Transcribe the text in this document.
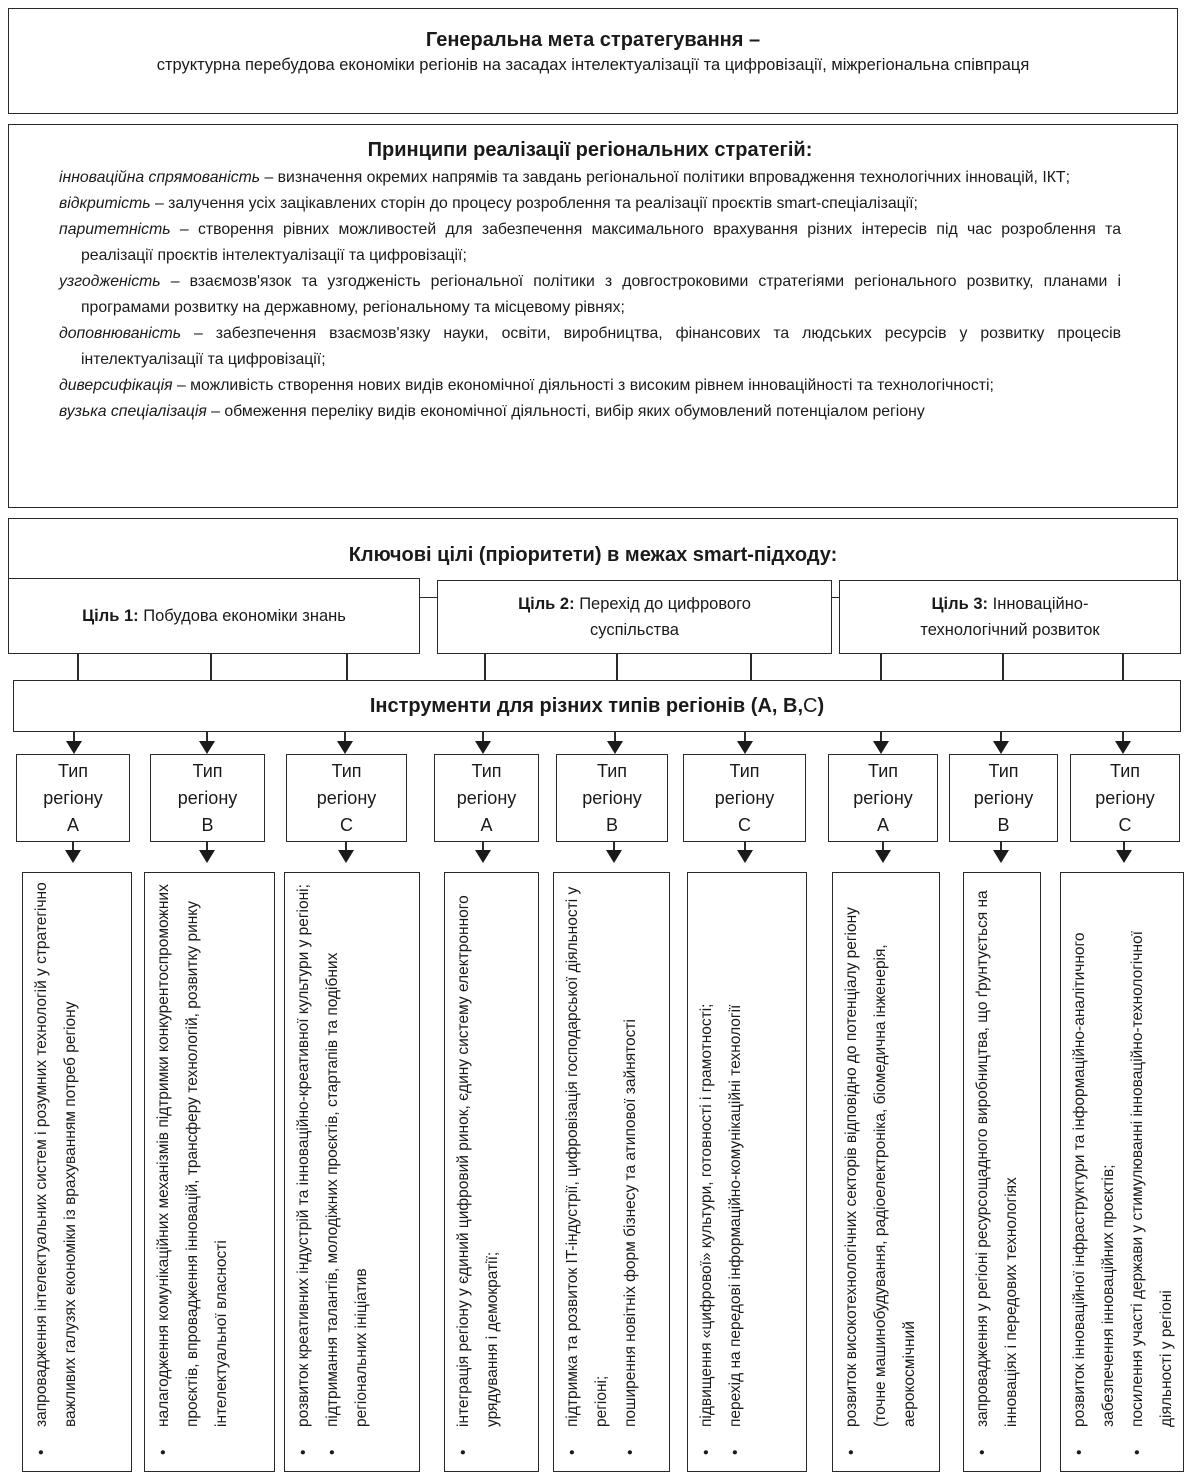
Генеральна мета стратегування –
структурна перебудова економіки регіонів на засадах інтелектуалізації та цифровізації, міжрегіональна співпраця
Принципи реалізації регіональних стратегій:
інноваційна спрямованість – визначення окремих напрямів та завдань регіональної політики впровадження технологічних інновацій, ІКТ;
відкритість – залучення усіх зацікавлених сторін до процесу розроблення та реалізації проєктів smart-спеціалізації;
паритетність – створення рівних можливостей для забезпечення максимального врахування різних інтересів під час розроблення та реалізації проєктів інтелектуалізації та цифровізації;
узгодженість – взаємозв'язок та узгодженість регіональної політики з довгостроковими стратегіями регіонального розвитку, планами і програмами розвитку на державному, регіональному та місцевому рівнях;
доповнюваність – забезпечення взаємозв'язку науки, освіти, виробництва, фінансових та людських ресурсів у розвитку процесів інтелектуалізації та цифровізації;
диверсифікація – можливість створення нових видів економічної діяльності з високим рівнем інноваційності та технологічності;
вузька спеціалізація – обмеження переліку видів економічної діяльності, вибір яких обумовлений потенціалом регіону
Ключові цілі (пріоритети) в межах smart-підходу:
Ціль 1: Побудова економіки знань
Ціль 2: Перехід до цифрового суспільства
Ціль 3: Інноваційно-технологічний розвиток
Інструменти для різних типів регіонів (A, B, C )
Тип
регіону
А
Тип
регіону
В
Тип
регіону
С
Тип
регіону
А
Тип
регіону
В
Тип
регіону
С
Тип
регіону
А
Тип
регіону
В
Тип
регіону
С
• запровадження інтелектуальних систем і розумних технологій у стратегічно важливих галузях економіки із врахуванням потреб регіону	• налагодження комунікаційних механізмів підтримки конкурентоспроможних проєктів, впровадження інновацій, трансферу технологій, розвитку ринку інтелектуальної власності	• розвиток креативних індустрій та інноваційно-креативної культури у регіоні; • підтримання талантів, молодіжних проєктів, стартапів та подібних регіональних ініціатив	• інтеграція регіону у єдиний цифровий ринок, єдину систему електронного урядування і демократії;	• підтримка та розвиток IT-індустрії, цифровізація господарської діяльності у регіоні; • поширення новітніх форм бізнесу та атипової зайнятості	• підвищення «цифрової» культури, готовності і грамотності; • перехід на передові інформаційно-комунікаційні технології	• розвиток високотехнологічних секторів відповідно до потенціалу регіону (точне машинобудування, радіоелектроніка, біомедична інженерія, аерокосмічний	• запровадження у регіоні ресурсощадного виробництва, що ґрунтується на інноваціях і передових технологіях	• розвиток інноваційної інфраструктури та інформаційно-аналітичного забезпечення інноваційних проєктів; • посилення участі держави у стимулюванні інноваційно-технологічної діяльності у регіоні
